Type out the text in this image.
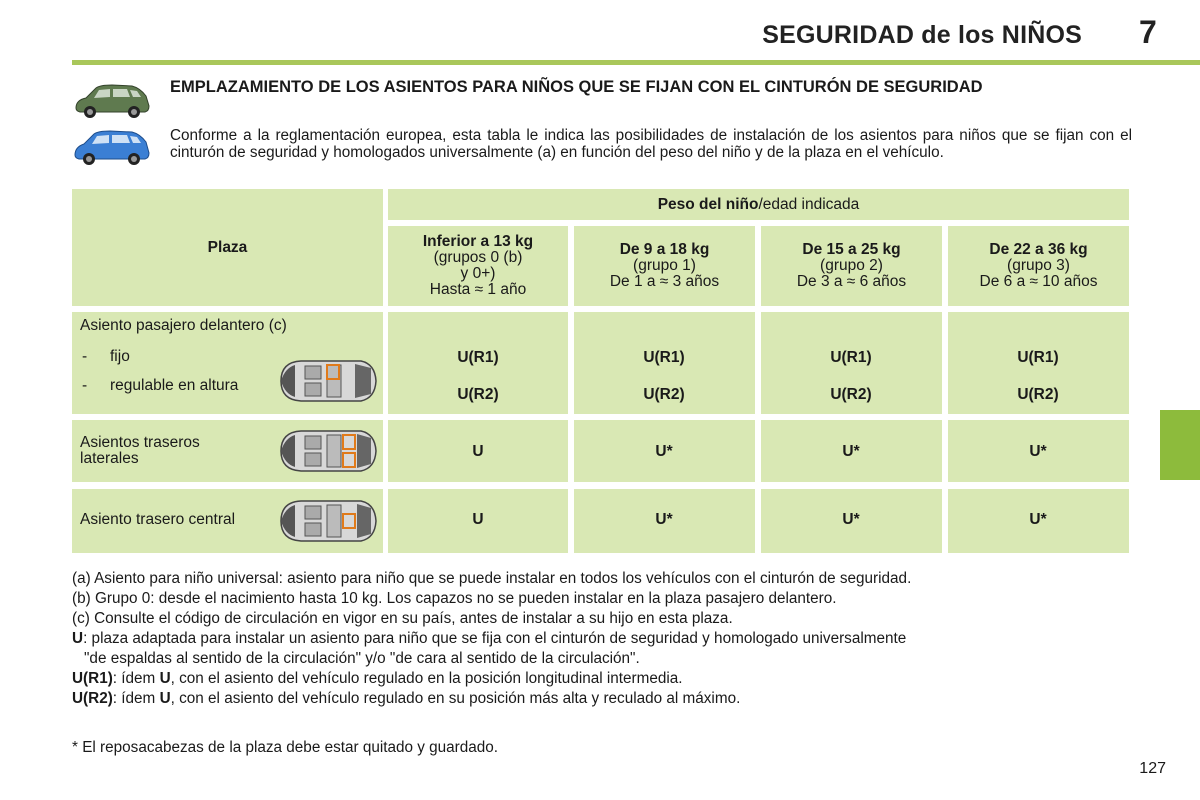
SEGURIDAD de los NIÑOS 7
EMPLAZAMIENTO DE LOS ASIENTOS PARA NIÑOS QUE SE FIJAN CON EL CINTURÓN DE SEGURIDAD
Conforme a la reglamentación europea, esta tabla le indica las posibilidades de instalación de los asientos para niños que se fijan con el cinturón de seguridad y homologados universalmente (a) en función del peso del niño y de la plaza en el vehículo.
Plaza
Peso del niño/edad indicada
Inferior a 13 kg
(grupos 0 (b)
y 0+)
Hasta ≈ 1 año
De 9 a 18 kg
(grupo 1)
De 1 a ≈ 3 años
De 15 a 25 kg
(grupo 2)
De 3 a ≈ 6 años
De 22 a 36 kg
(grupo 3)
De 6 a ≈ 10 años
Asiento pasajero delantero (c)
- fijo
- regulable en altura
U(R1)	U(R1)	U(R1)	U(R1)
U(R2)	U(R2)	U(R2)	U(R2)
Asientos traseros laterales	U	U*	U*	U*
Asiento trasero central	U	U*	U*	U*

(a) Asiento para niño universal: asiento para niño que se puede instalar en todos los vehículos con el cinturón de seguridad.

(b) Grupo 0: desde el nacimiento hasta 10 kg. Los capazos no se pueden instalar en la plaza pasajero delantero.

(c) Consulte el código de circulación en vigor en su país, antes de instalar a su hijo en esta plaza.

U: plaza adaptada para instalar un asiento para niño que se fija con el cinturón de seguridad y homologado universalmente

"de espaldas al sentido de la circulación" y/o "de cara al sentido de la circulación".

U(R1): ídem U, con el asiento del vehículo regulado en la posición longitudinal intermedia.

U(R2): ídem U, con el asiento del vehículo regulado en su posición más alta y reculado al máximo.

* El reposacabezas de la plaza debe estar quitado y guardado.
127
